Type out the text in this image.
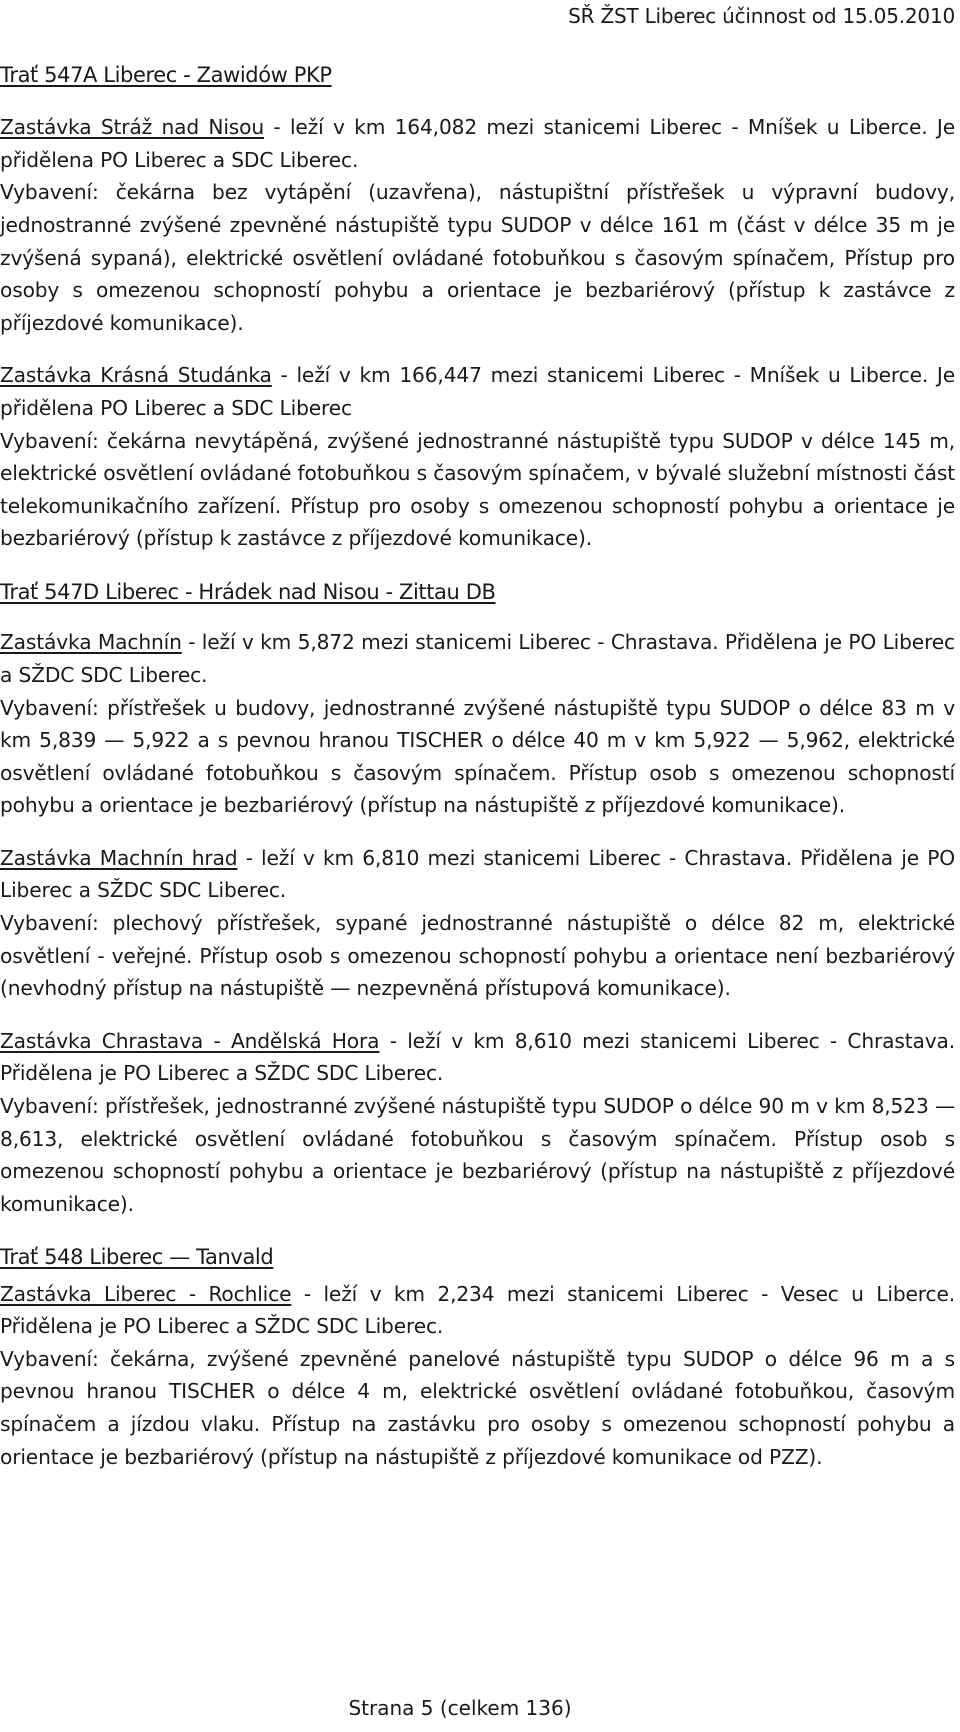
SŘ ŽST Liberec účinnost od 15.05.2010
Trať 547A Liberec - Zawidów PKP

Zastávka Stráž nad Nisou - leží v km 164,082 mezi stanicemi Liberec - Mníšek u Liberce. Je přidělena PO Liberec a SDC Liberec.

Vybavení: čekárna bez vytápění (uzavřena), nástupištní přístřešek u výpravní budovy, jednostranné zvýšené zpevněné nástupiště typu SUDOP v délce 161 m (část v délce 35 m je zvýšená sypaná), elektrické osvětlení ovládané fotobuňkou s časovým spínačem, Přístup pro osoby s omezenou schopností pohybu a orientace je bezbariérový (přístup k zastávce z příjezdové komunikace).

Zastávka Krásná Studánka - leží v km 166,447 mezi stanicemi Liberec - Mníšek u Liberce. Je přidělena PO Liberec a SDC Liberec

Vybavení: čekárna nevytápěná, zvýšené jednostranné nástupiště typu SUDOP v délce 145 m, elektrické osvětlení ovládané fotobuňkou s časovým spínačem, v bývalé služební místnosti část telekomunikačního zařízení. Přístup pro osoby s omezenou schopností pohybu a orientace je bezbariérový (přístup k zastávce z příjezdové komunikace).

Trať 547D Liberec - Hrádek nad Nisou - Zittau DB

Zastávka Machnín - leží v km 5,872 mezi stanicemi Liberec - Chrastava. Přidělena je PO Liberec a SŽDC SDC Liberec.

Vybavení: přístřešek u budovy, jednostranné zvýšené nástupiště typu SUDOP o délce 83 m v km 5,839 — 5,922 a s pevnou hranou TISCHER o délce 40 m v km 5,922 — 5,962, elektrické osvětlení ovládané fotobuňkou s časovým spínačem. Přístup osob s omezenou schopností pohybu a orientace je bezbariérový (přístup na nástupiště z příjezdové komunikace).

Zastávka Machnín hrad - leží v km 6,810 mezi stanicemi Liberec - Chrastava. Přidělena je PO Liberec a SŽDC SDC Liberec.

Vybavení: plechový přístřešek, sypané jednostranné nástupiště o délce 82 m, elektrické osvětlení - veřejné. Přístup osob s omezenou schopností pohybu a orientace není bezbariérový (nevhodný přístup na nástupiště — nezpevněná přístupová komunikace).

Zastávka Chrastava - Andělská Hora - leží v km 8,610 mezi stanicemi Liberec - Chrastava. Přidělena je PO Liberec a SŽDC SDC Liberec.

Vybavení: přístřešek, jednostranné zvýšené nástupiště typu SUDOP o délce 90 m v km 8,523 — 8,613, elektrické osvětlení ovládané fotobuňkou s časovým spínačem. Přístup osob s omezenou schopností pohybu a orientace je bezbariérový (přístup na nástupiště z příjezdové komunikace).

Trať 548 Liberec — Tanvald

Zastávka Liberec - Rochlice - leží v km 2,234 mezi stanicemi Liberec - Vesec u Liberce. Přidělena je PO Liberec a SŽDC SDC Liberec.

Vybavení: čekárna, zvýšené zpevněné panelové nástupiště typu SUDOP o délce 96 m a s pevnou hranou TISCHER o délce 4 m, elektrické osvětlení ovládané fotobuňkou, časovým spínačem a jízdou vlaku. Přístup na zastávku pro osoby s omezenou schopností pohybu a orientace je bezbariérový (přístup na nástupiště z příjezdové komunikace od PZZ).

Strana 5 (celkem 136)
